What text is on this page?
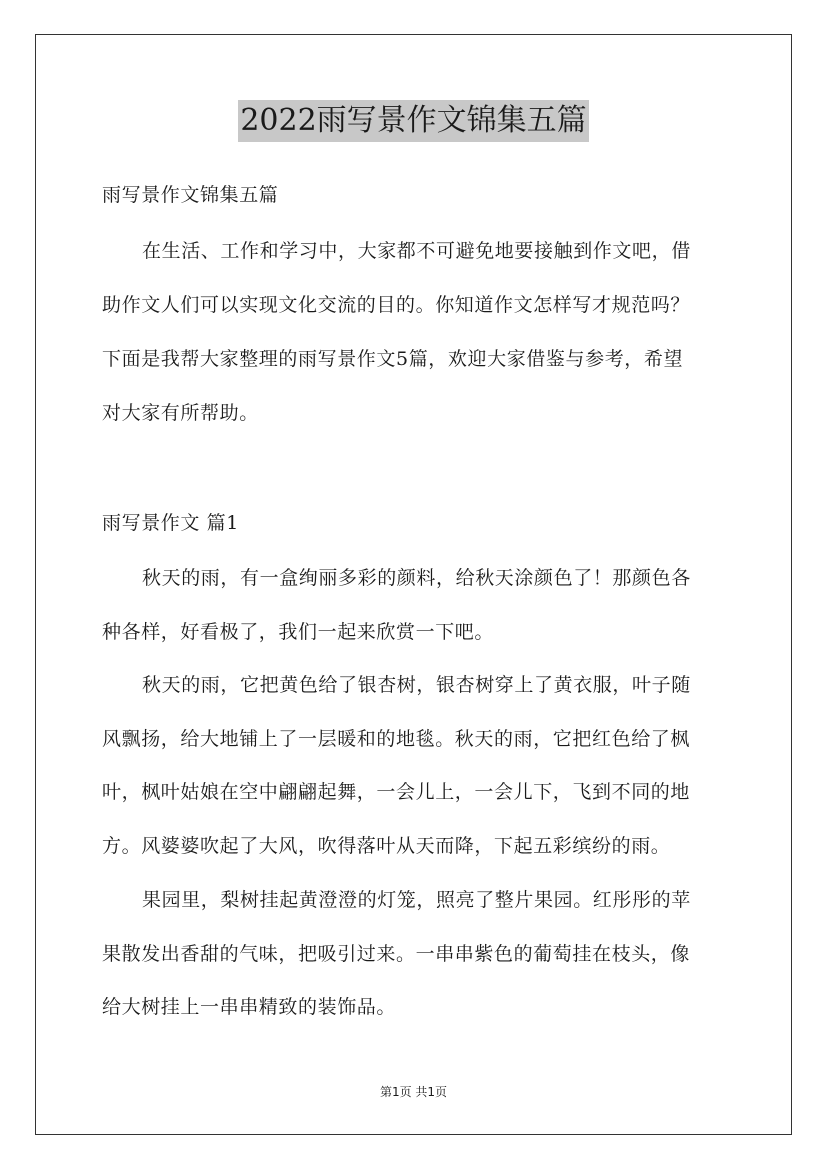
2022雨写景作文锦集五篇
雨写景作文锦集五篇
在生活、工作和学习中，大家都不可避免地要接触到作文吧，借
助作文人们可以实现文化交流的目的。你知道作文怎样写才规范吗？
下面是我帮大家整理的雨写景作文5篇，欢迎大家借鉴与参考，希望
对大家有所帮助。
雨写景作文 篇1
秋天的雨，有一盒绚丽多彩的颜料，给秋天涂颜色了！那颜色各
种各样，好看极了，我们一起来欣赏一下吧。
秋天的雨，它把黄色给了银杏树，银杏树穿上了黄衣服，叶子随
风飘扬，给大地铺上了一层暖和的地毯。秋天的雨，它把红色给了枫
叶，枫叶姑娘在空中翩翩起舞，一会儿上，一会儿下，飞到不同的地
方。风婆婆吹起了大风，吹得落叶从天而降，下起五彩缤纷的雨。
果园里，梨树挂起黄澄澄的灯笼，照亮了整片果园。红彤彤的苹
果散发出香甜的气味，把吸引过来。一串串紫色的葡萄挂在枝头，像
给大树挂上一串串精致的装饰品。
第1页 共1页
